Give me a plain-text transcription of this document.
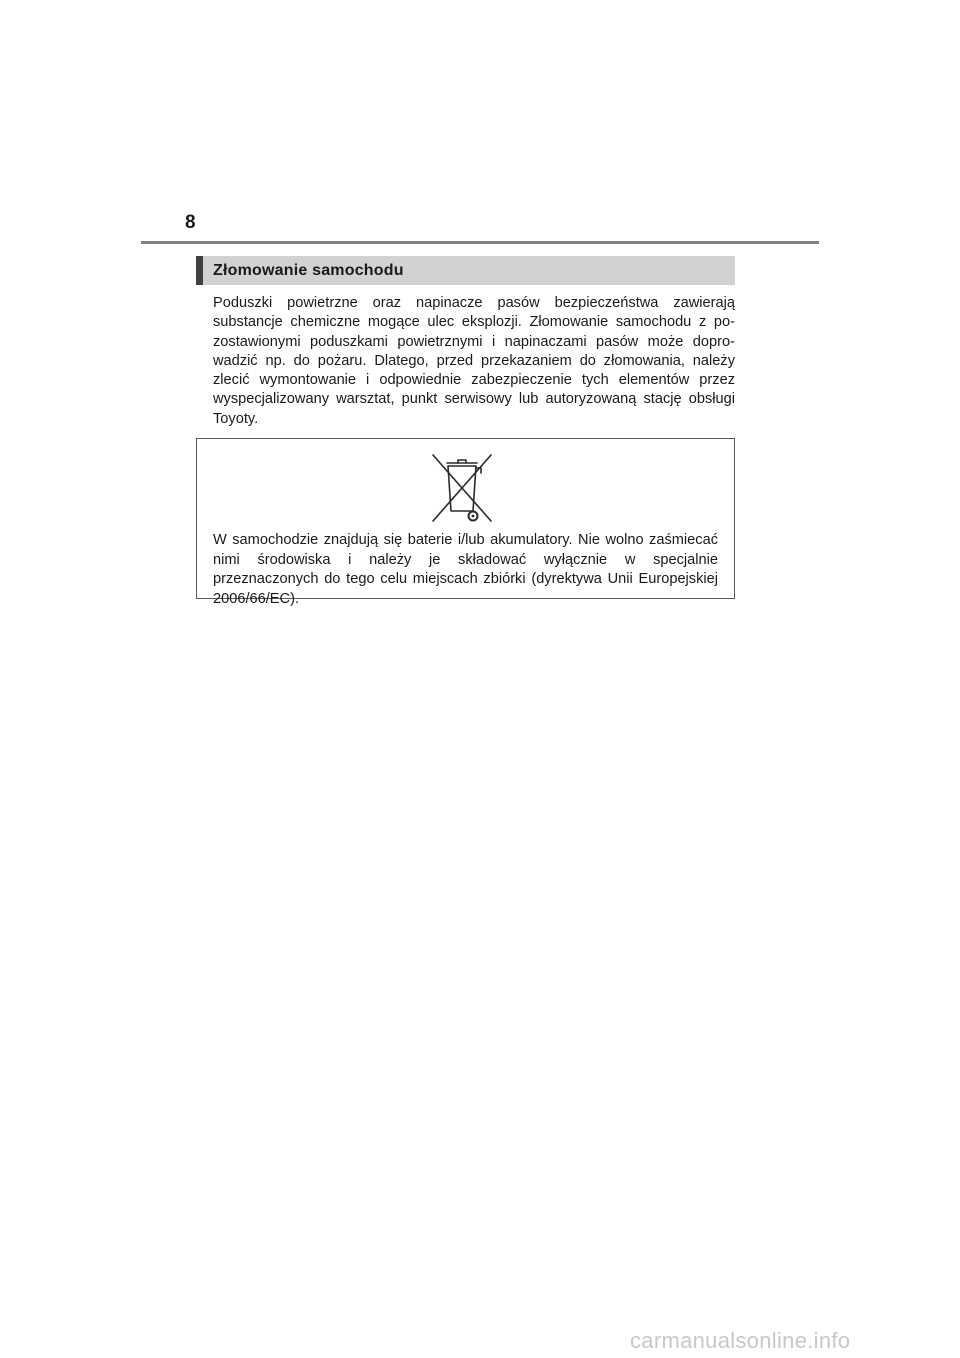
8
Złomowanie samochodu
Poduszki powietrzne oraz napinacze pasów bezpieczeństwa zawierają substancje chemiczne mogące ulec eksplozji. Złomowanie samochodu z po-zostawionymi poduszkami powietrznymi i napinaczami pasów może dopro-wadzić np. do pożaru. Dlatego, przed przekazaniem do złomowania, należy zlecić wymontowanie i odpowiednie zabezpieczenie tych elementów przez wyspecjalizowany warsztat, punkt serwisowy lub autoryzowaną stację obsługi Toyoty.
W samochodzie znajdują się baterie i/lub akumulatory. Nie wolno zaśmiecać nimi środowiska i należy je składować wyłącznie w specjalnie przeznaczonych do tego celu miejscach zbiórki (dyrektywa Unii Europejskiej 2006/66/EC).
carmanualsonline.info
